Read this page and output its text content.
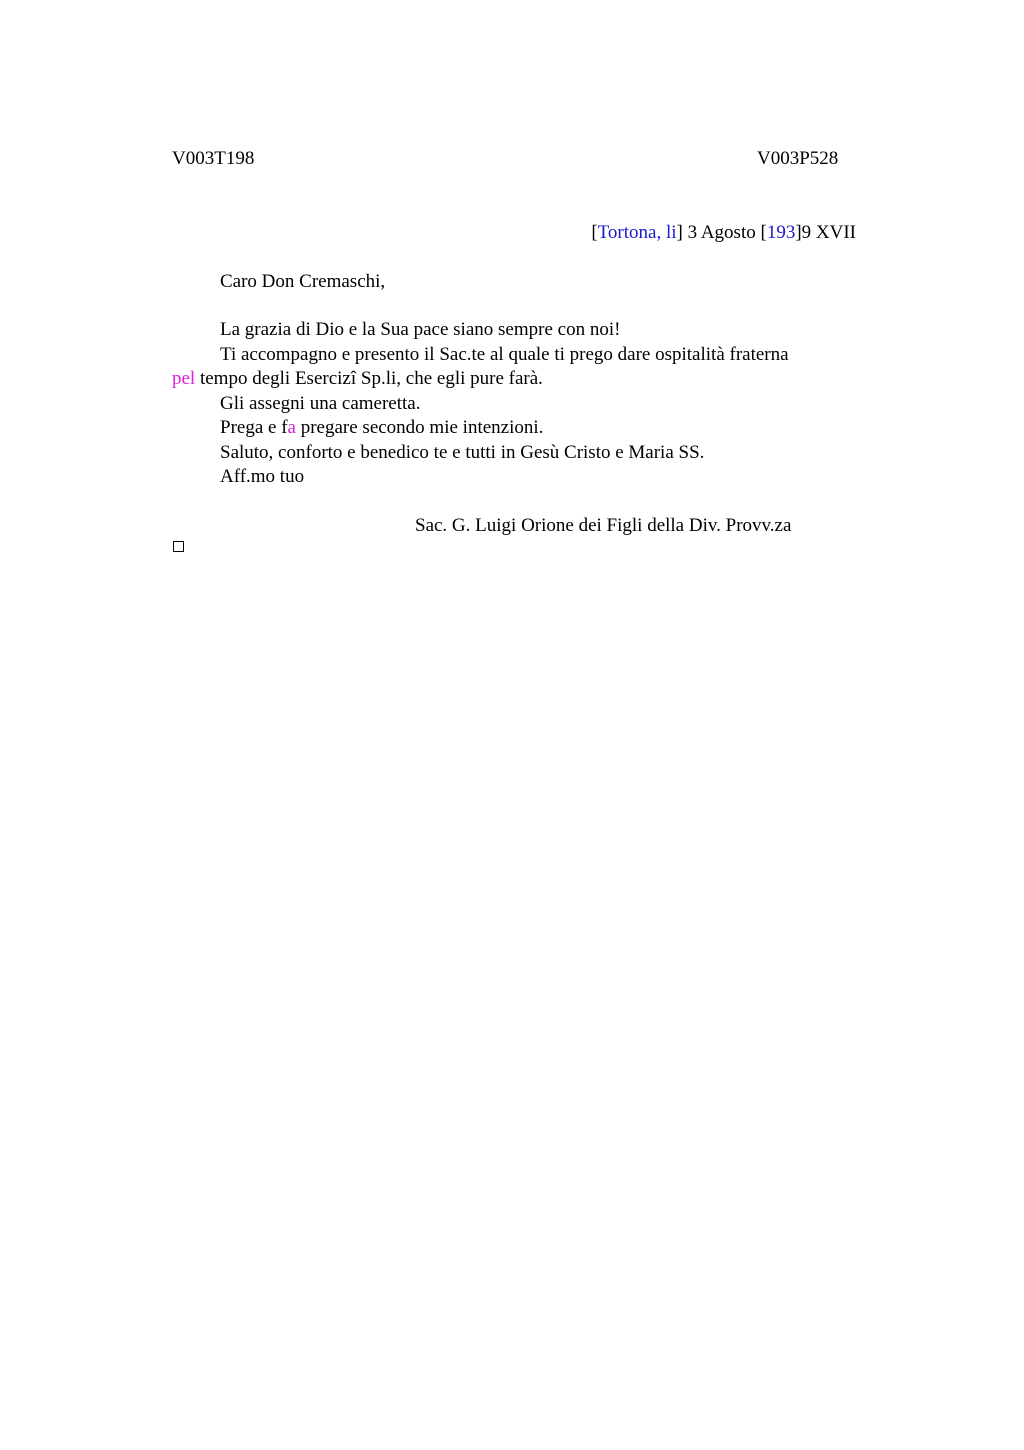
V003T198	V003P528
[Tortona, li] 3 Agosto [193]9 XVII
Caro Don Cremaschi,
La grazia di Dio e la Sua pace siano sempre con noi!
Ti accompagno e presento il Sac.te al quale ti prego dare ospitalità fraterna
pel tempo degli Esercizî Sp.li, che egli pure farà.
Gli assegni una cameretta.
Prega e fa pregare secondo mie intenzioni.
Saluto, conforto e benedico te e tutti in Gesù Cristo e Maria SS.
Aff.mo tuo
Sac. G. Luigi Orione dei Figli della Div. Provv.za
